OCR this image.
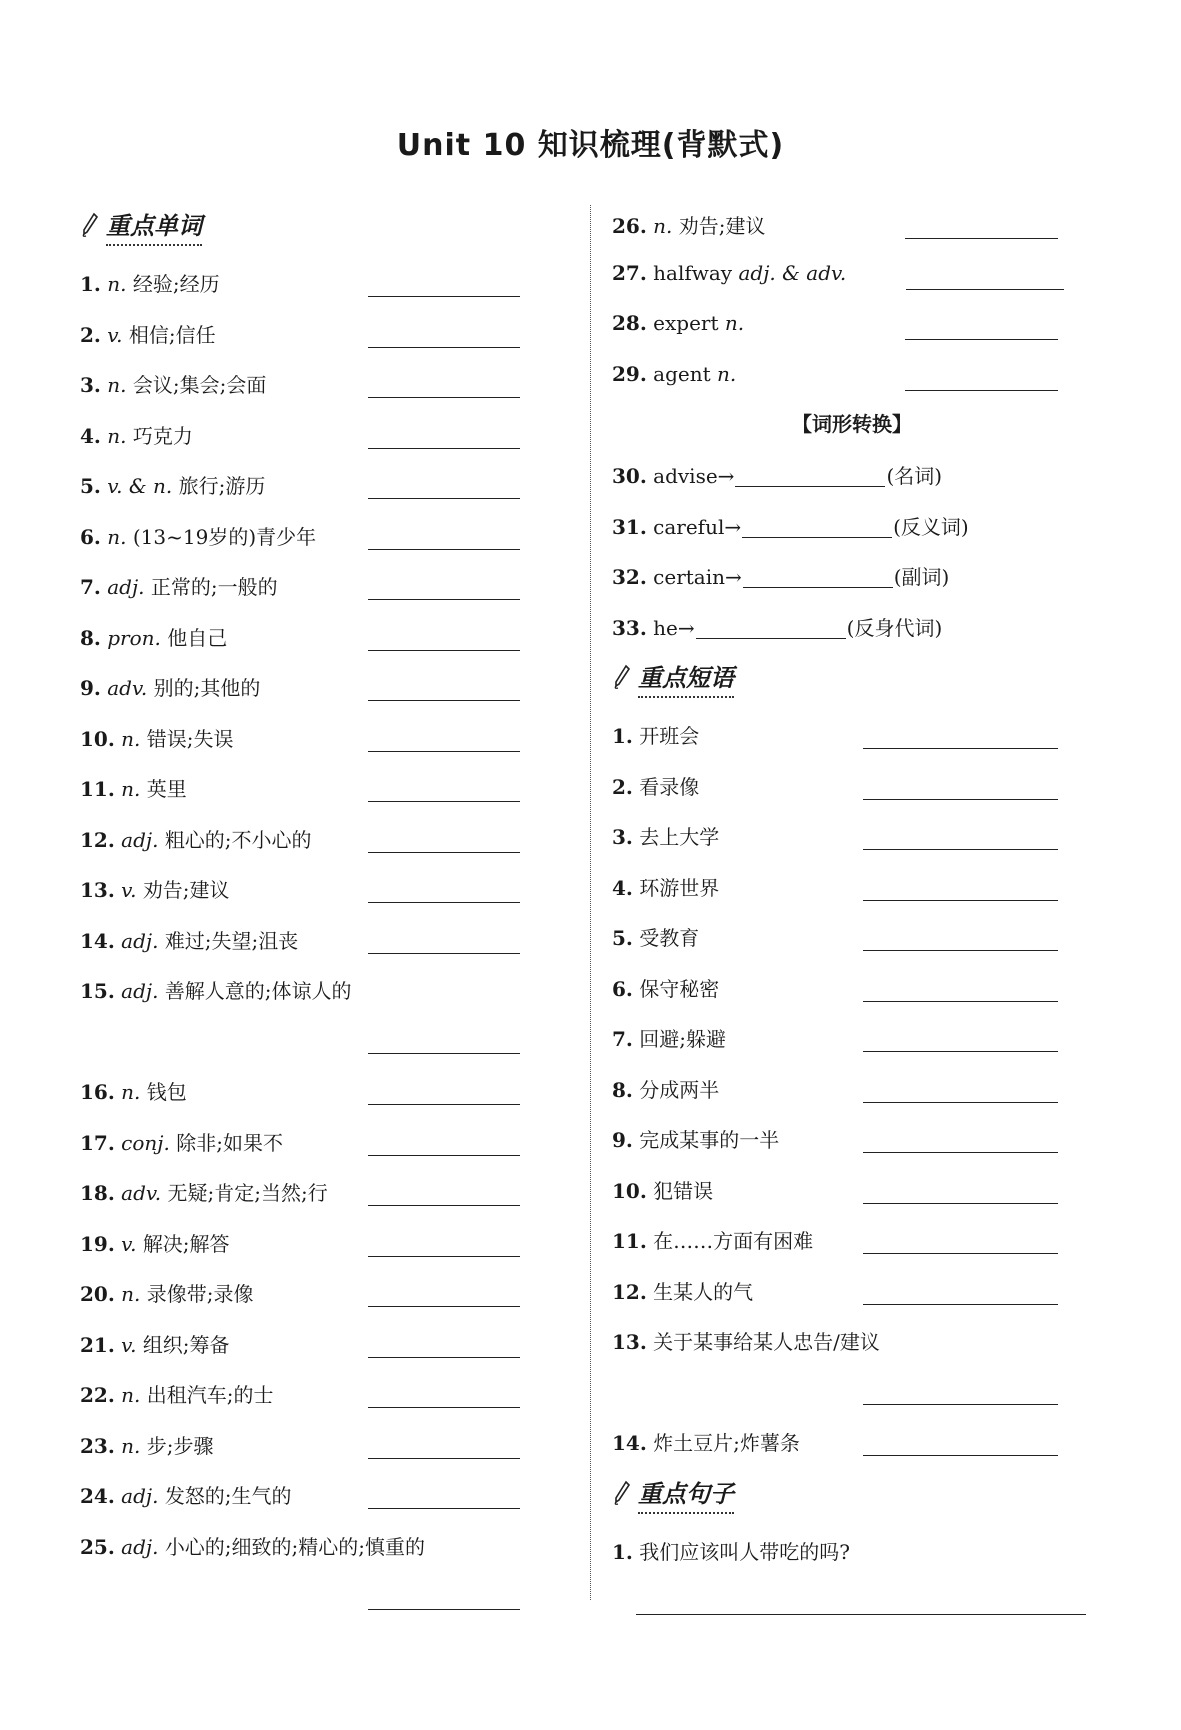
Unit 10 知识梳理(背默式)
重点单词
1. n. 经验;经历
2. v. 相信;信任
3. n. 会议;集会;会面
4. n. 巧克力
5. v. & n. 旅行;游历
6. n. (13~19岁的)青少年
7. adj. 正常的;一般的
8. pron. 他自己
9. adv. 别的;其他的
10. n. 错误;失误
11. n. 英里
12. adj. 粗心的;不小心的
13. v. 劝告;建议
14. adj. 难过;失望;沮丧
15. adj. 善解人意的;体谅人的
16. n. 钱包
17. conj. 除非;如果不
18. adv. 无疑;肯定;当然;行
19. v. 解决;解答
20. n. 录像带;录像
21. v. 组织;筹备
22. n. 出租汽车;的士
23. n. 步;步骤
24. adj. 发怒的;生气的
25. adj. 小心的;细致的;精心的;慎重的
26. n. 劝告;建议
27. halfway adj. & adv.
28. expert n.
29. agent n.
【词形转换】
30. advise→	(名词)
31. careful→	(反义词)
32. certain→	(副词)
33. he→	(反身代词)
重点短语
1. 开班会
2. 看录像
3. 去上大学
4. 环游世界
5. 受教育
6. 保守秘密
7. 回避;躲避
8. 分成两半
9. 完成某事的一半
10. 犯错误
11. 在……方面有困难
12. 生某人的气
13. 关于某事给某人忠告/建议
14. 炸土豆片;炸薯条
重点句子
1. 我们应该叫人带吃的吗?
